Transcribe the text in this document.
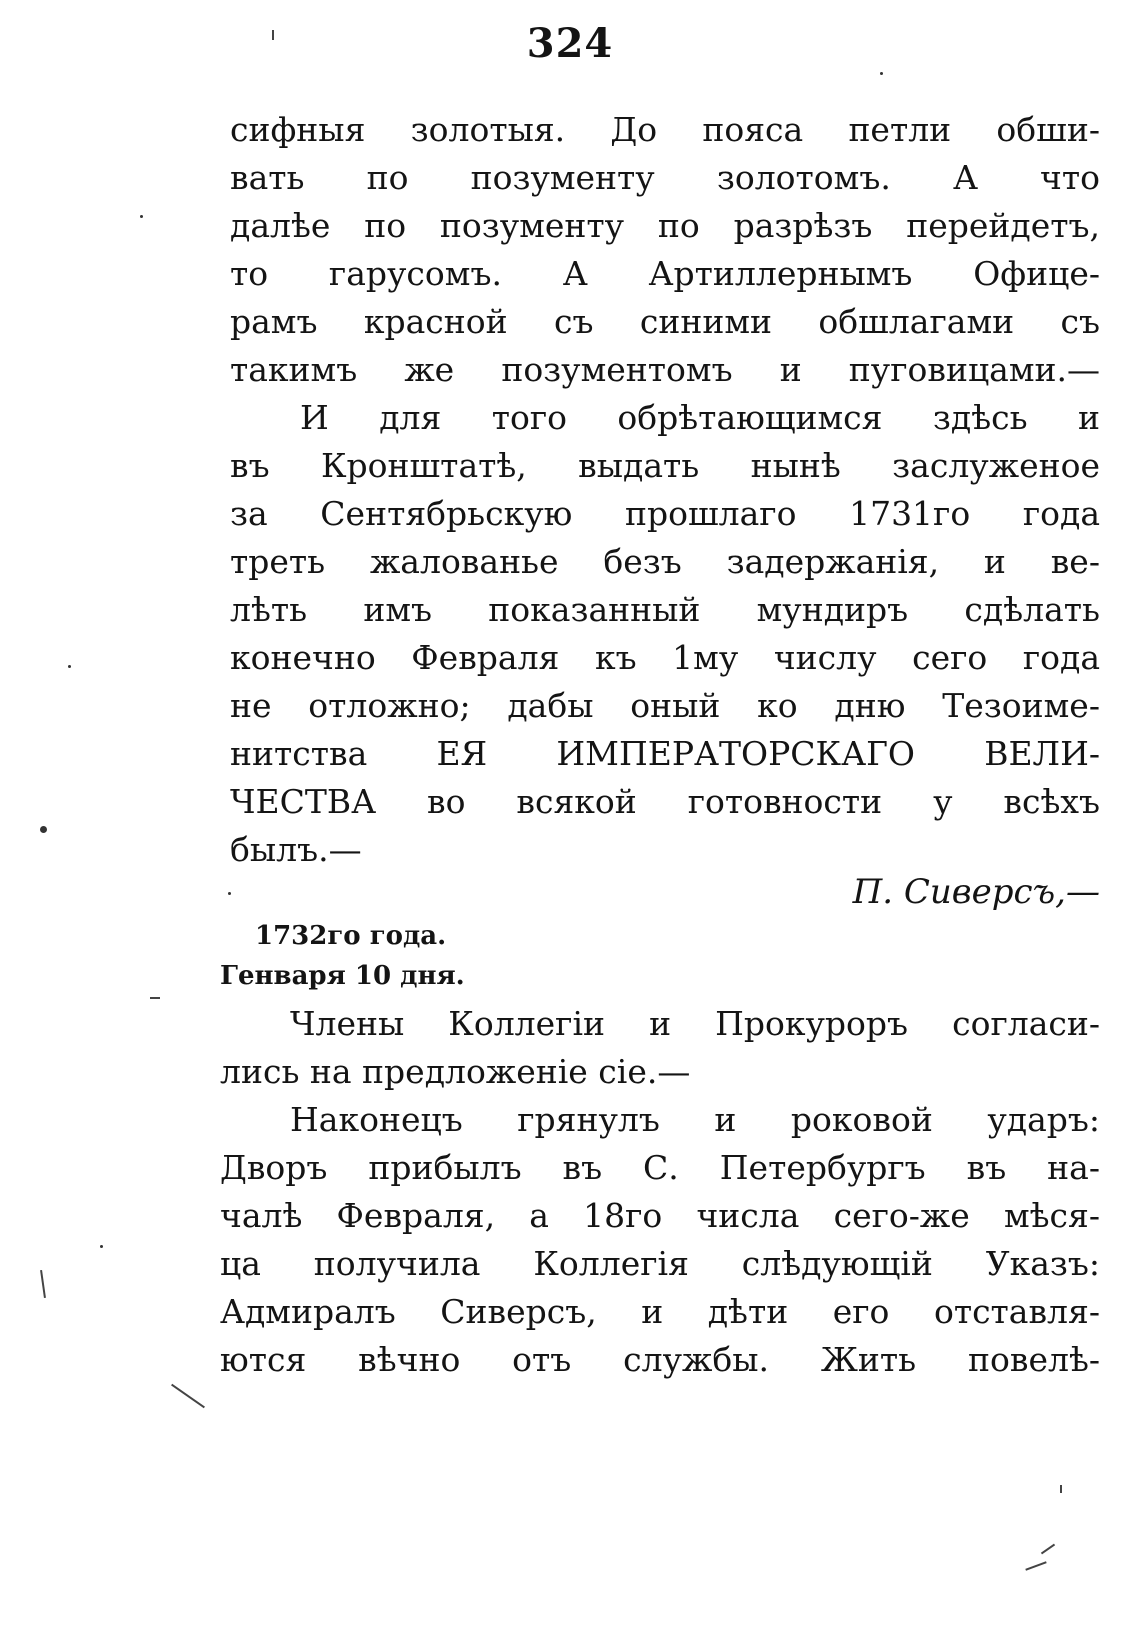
324
сифныя золотыя. До пояса петли обши-
вать по позументу золотомъ. А что
далѣе по позументу по разрѣзъ перейдетъ,
то гарусомъ. А Артиллернымъ Офице-
рамъ красной съ синими обшлагами съ
такимъ же позументомъ и пуговицами.—
И для того обрѣтающимся здѣсь и
въ Кронштатѣ, выдать нынѣ заслуженое
за Сентябрьскую прошлаго 1731го года
треть жалованье безъ задержанія, и ве-
лѣть имъ показанный мундиръ сдѣлать
конечно Февраля къ 1му числу сего года
не отложно; дабы оный ко дню Тезоиме-
нитства ЕЯ ИМПЕРАТОРСКАГО ВЕЛИ-
ЧЕСТВА во всякой готовности у всѣхъ
былъ.—
П. Сиверсъ,—
1732го года.
Генваря 10 дня.
Члены Коллегіи и Прокуроръ согласи-
лись на предложеніе сіе.—
Наконецъ грянулъ и роковой ударъ:
Дворъ прибылъ въ С. Петербургъ въ на-
чалѣ Февраля, а 18го числа сего-же мѣся-
ца получила Коллегія слѣдующій Указъ:
Адмиралъ Сиверсъ, и дѣти его отставля-
ются вѣчно отъ службы. Жить повелѣ-
